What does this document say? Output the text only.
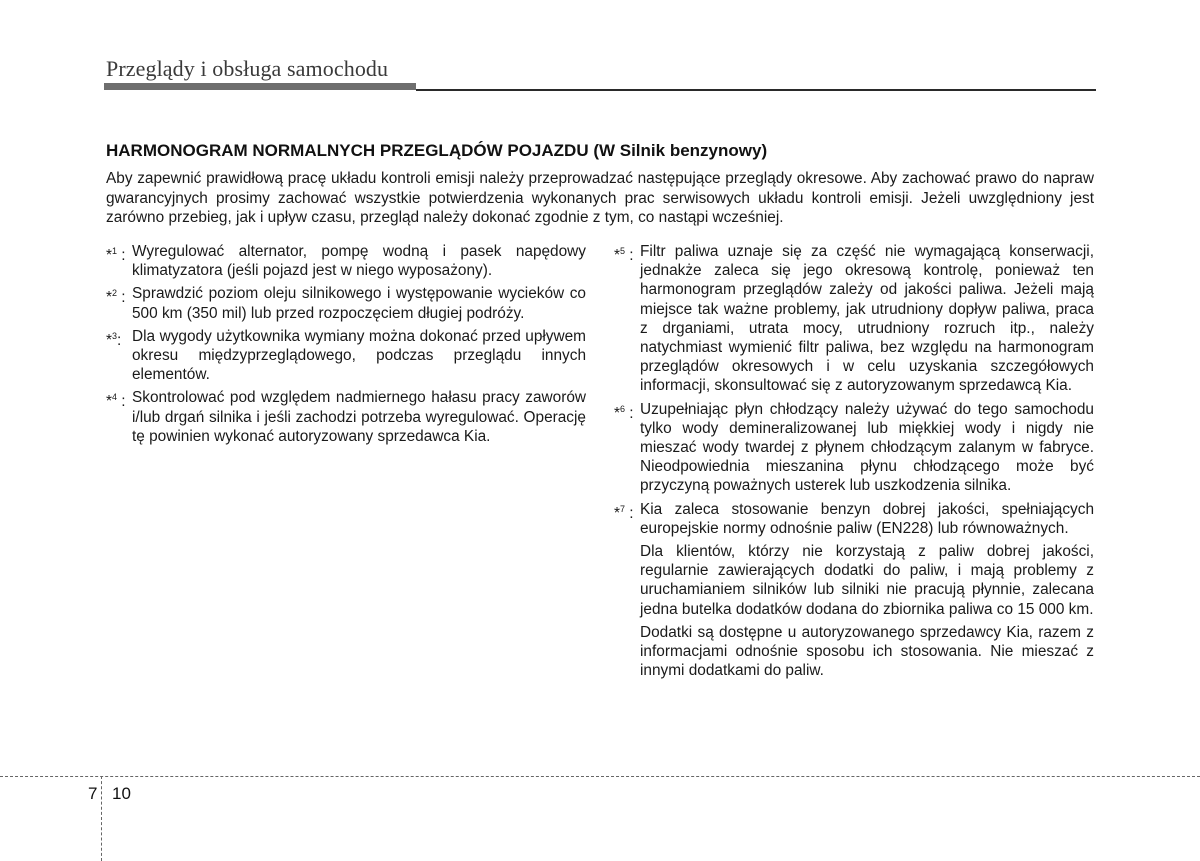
Przeglądy i obsługa samochodu
HARMONOGRAM NORMALNYCH PRZEGLĄDÓW POJAZDU (W Silnik benzynowy)
Aby zapewnić prawidłową pracę układu kontroli emisji należy przeprowadzać następujące przeglądy okresowe. Aby zachować prawo do napraw gwarancyjnych prosimy zachować wszystkie potwierdzenia wykonanych prac serwisowych układu kontroli emisji. Jeżeli uwzględniony jest zarówno przebieg, jak i upływ czasu, przegląd należy dokonać zgodnie z tym, co nastąpi wcześniej.
*$^1$ : Wyregulować alternator, pompę wodną i pasek napędowy klimatyzatora (jeśli pojazd jest w niego wyposażony).
*$^2$ : Sprawdzić poziom oleju silnikowego i występowanie wycieków co 500 km (350 mil) lub przed rozpoczęciem długiej podróży.
*$^3$: Dla wygody użytkownika wymiany można dokonać przed upływem okresu międzyprzeglądowego, podczas przeglądu innych elementów.
*$^4$ : Skontrolować pod względem nadmiernego hałasu pracy zaworów i/lub drgań silnika i jeśli zachodzi potrzeba wyregulować. Operację tę powinien wykonać autoryzowany sprzedawca Kia.
*$^5$ : Filtr paliwa uznaje się za część nie wymagającą konserwacji, jednakże zaleca się jego okresową kontrolę, ponieważ ten harmonogram przeglądów zależy od jakości paliwa. Jeżeli mają miejsce tak ważne problemy, jak utrudniony dopływ paliwa, praca z drganiami, utrata mocy, utrudniony rozruch itp., należy natychmiast wymienić filtr paliwa, bez względu na harmonogram przeglądów okresowych i w celu uzyskania szczegółowych informacji, skonsultować się z autoryzowanym sprzedawcą Kia.
*$^6$ : Uzupełniając płyn chłodzący należy używać do tego samochodu tylko wody demineralizowanej lub miękkiej wody i nigdy nie mieszać wody twardej z płynem chłodzącym zalanym w fabryce. Nieodpowiednia mieszanina płynu chłodzącego może być przyczyną poważnych usterek lub uszkodzenia silnika.
*$^7$ : Kia zaleca stosowanie benzyn dobrej jakości, spełniających europejskie normy odnośnie paliw (EN228) lub równoważnych.
Dla klientów, którzy nie korzystają z paliw dobrej jakości, regularnie zawierających dodatki do paliw, i mają problemy z uruchamianiem silników lub silniki nie pracują płynnie, zalecana jedna butelka dodatków dodana do zbiornika paliwa co 15 000 km.
Dodatki są dostępne u autoryzowanego sprzedawcy Kia, razem z informacjami odnośnie sposobu ich stosowania. Nie mieszać z innymi dodatkami do paliw.
7 10
